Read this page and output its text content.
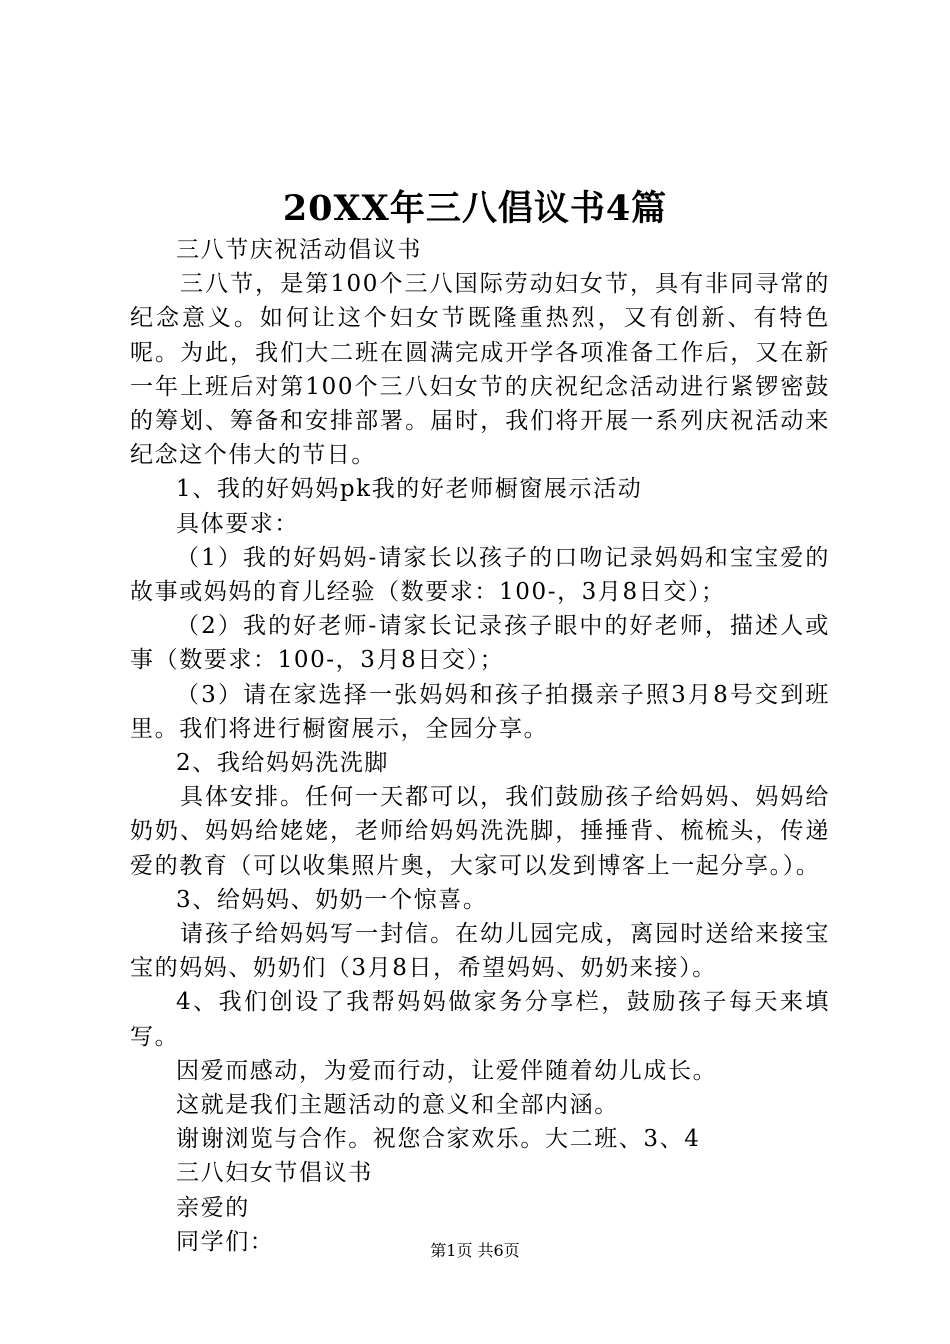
20XX年三八倡议书4篇

三八节庆祝活动倡议书

三八节，是第100个三八国际劳动妇女节，具有非同寻常的纪念意义。如何让这个妇女节既隆重热烈，又有创新、有特色呢。为此，我们大二班在圆满完成开学各项准备工作后，又在新一年上班后对第100个三八妇女节的庆祝纪念活动进行紧锣密鼓的筹划、筹备和安排部署。届时，我们将开展一系列庆祝活动来纪念这个伟大的节日。

1、我的好妈妈pk我的好老师橱窗展示活动

具体要求：

（1）我的好妈妈-请家长以孩子的口吻记录妈妈和宝宝爱的故事或妈妈的育儿经验（数要求：100-，3月8日交）；

（2）我的好老师-请家长记录孩子眼中的好老师，描述人或事（数要求：100-，3月8日交）；

（3）请在家选择一张妈妈和孩子拍摄亲子照3月8号交到班里。我们将进行橱窗展示，全园分享。

2、我给妈妈洗洗脚

具体安排。任何一天都可以，我们鼓励孩子给妈妈、妈妈给奶奶、妈妈给姥姥，老师给妈妈洗洗脚，捶捶背、梳梳头，传递爱的教育（可以收集照片奥，大家可以发到博客上一起分享。）。

3、给妈妈、奶奶一个惊喜。

请孩子给妈妈写一封信。在幼儿园完成，离园时送给来接宝宝的妈妈、奶奶们（3月8日，希望妈妈、奶奶来接）。

4、我们创设了我帮妈妈做家务分享栏，鼓励孩子每天来填写。

因爱而感动，为爱而行动，让爱伴随着幼儿成长。

这就是我们主题活动的意义和全部内涵。

谢谢浏览与合作。祝您合家欢乐。大二班、3、4

三八妇女节倡议书

亲爱的

同学们：	第1页 共6页
